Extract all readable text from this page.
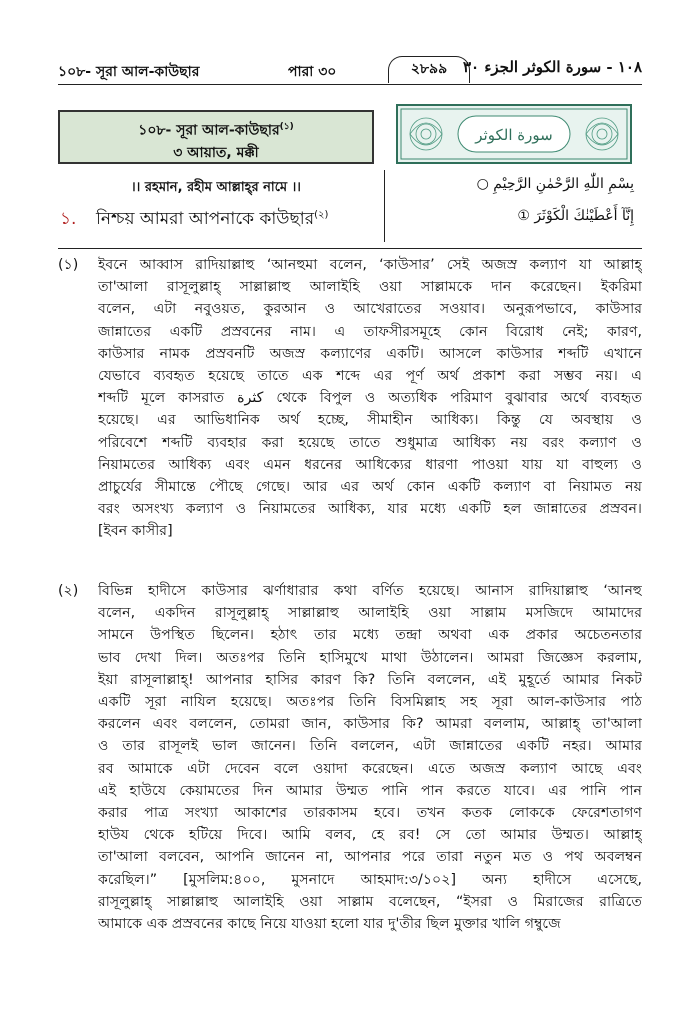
১০৮- সূরা আল-কাউছার	পারা ৩০	২৮৯৯	١٠٨ - سورة الكوثر الجزء ٣٠
১০৮- সূরা আল-কাউছার$^{(১)}$
৩ আয়াত, মক্কী
سورة الكوثر
।। রহমান, রহীম আল্লাহ্‌র নামে ।।	بِسْمِ اللّٰهِ الرَّحْمٰنِ الرَّحِيْمِ ○
১. নিশ্চয় আমরা আপনাকে কাউছার$^{(২)}$	إِنَّآ أَعْطَيْنٰكَ الْكَوْثَرَ ①
(১) ইবনে আব্বাস রাদিয়াল্লাহু ‘আনহুমা বলেন, ‘কাউসার’ সেই অজস্র কল্যাণ যা আল্লাহ্‌
তা'আলা রাসূলুল্লাহ্‌ সাল্লাল্লাহু আলাইহি ওয়া সাল্লামকে দান করেছেন। ইকরিমা
বলেন, এটা নবুওয়ত, কুরআন ও আখেরাতের সওয়াব। অনুরূপভাবে, কাউসার
জান্নাতের একটি প্রস্রবনের নাম। এ তাফসীরসমূহে কোন বিরোধ নেই; কারণ,
কাউসার নামক প্রস্রবনটি অজস্র কল্যাণের একটি। আসলে কাউসার শব্দটি এখানে
যেভাবে ব্যবহৃত হয়েছে তাতে এক শব্দে এর পূর্ণ অর্থ প্রকাশ করা সম্ভব নয়। এ
শব্দটি মূলে কাসরাত كثرة থেকে বিপুল ও অত্যধিক পরিমাণ বুঝাবার অর্থে ব্যবহৃত
হয়েছে। এর আভিধানিক অর্থ হচ্ছে, সীমাহীন আধিক্য। কিন্তু যে অবস্থায় ও
পরিবেশে শব্দটি ব্যবহার করা হয়েছে তাতে শুধুমাত্র আধিক্য নয় বরং কল্যাণ ও
নিয়ামতের আধিক্য এবং এমন ধরনের আধিক্যের ধারণা পাওয়া যায় যা বাহুল্য ও
প্রাচুর্যের সীমান্তে পৌছে গেছে। আর এর অর্থ কোন একটি কল্যাণ বা নিয়ামত নয়
বরং অসংখ্য কল্যাণ ও নিয়ামতের আধিক্য, যার মধ্যে একটি হল জান্নাতের প্রস্রবন।
[ইবন কাসীর]
(২) বিভিন্ন হাদীসে কাউসার ঝর্ণাধারার কথা বর্ণিত হয়েছে। আনাস রাদিয়াল্লাহু ‘আনহু
বলেন, একদিন রাসূলুল্লাহ্‌ সাল্লাল্লাহু আলাইহি ওয়া সাল্লাম মসজিদে আমাদের
সামনে উপস্থিত ছিলেন। হঠাৎ তার মধ্যে তন্দ্রা অথবা এক প্রকার অচেতনতার
ভাব দেখা দিল। অতঃপর তিনি হাসিমুখে মাথা উঠালেন। আমরা জিজ্ঞেস করলাম,
ইয়া রাসূলাল্লাহ্‌! আপনার হাসির কারণ কি? তিনি বললেন, এই মুহূর্তে আমার নিকট
একটি সূরা নাযিল হয়েছে। অতঃপর তিনি বিসমিল্লাহ সহ সূরা আল-কাউসার পাঠ
করলেন এবং বললেন, তোমরা জান, কাউসার কি? আমরা বললাম, আল্লাহ্‌ তা'আলা
ও তার রাসূলই ভাল জানেন। তিনি বললেন, এটা জান্নাতের একটি নহর। আমার
রব আমাকে এটা দেবেন বলে ওয়াদা করেছেন। এতে অজস্র কল্যাণ আছে এবং
এই হাউযে কেয়ামতের দিন আমার উম্মত পানি পান করতে যাবে। এর পানি পান
করার পাত্র সংখ্যা আকাশের তারকাসম হবে। তখন কতক লোককে ফেরেশতাগণ
হাউয থেকে হটিয়ে দিবে। আমি বলব, হে রব! সে তো আমার উম্মত। আল্লাহ্‌
তা'আলা বলবেন, আপনি জানেন না, আপনার পরে তারা নতুন মত ও পথ অবলম্বন
করেছিল।” [মুসলিম:৪০০, মুসনাদে আহমাদ:৩/১০২] অন্য হাদীসে এসেছে,
রাসূলুল্লাহ্‌ সাল্লাল্লাহু আলাইহি ওয়া সাল্লাম বলেছেন, “ইসরা ও মিরাজের রাত্রিতে
আমাকে এক প্রস্রবনের কাছে নিয়ে যাওয়া হলো যার দু'তীর ছিল মুক্তার খালি গম্বুজে
